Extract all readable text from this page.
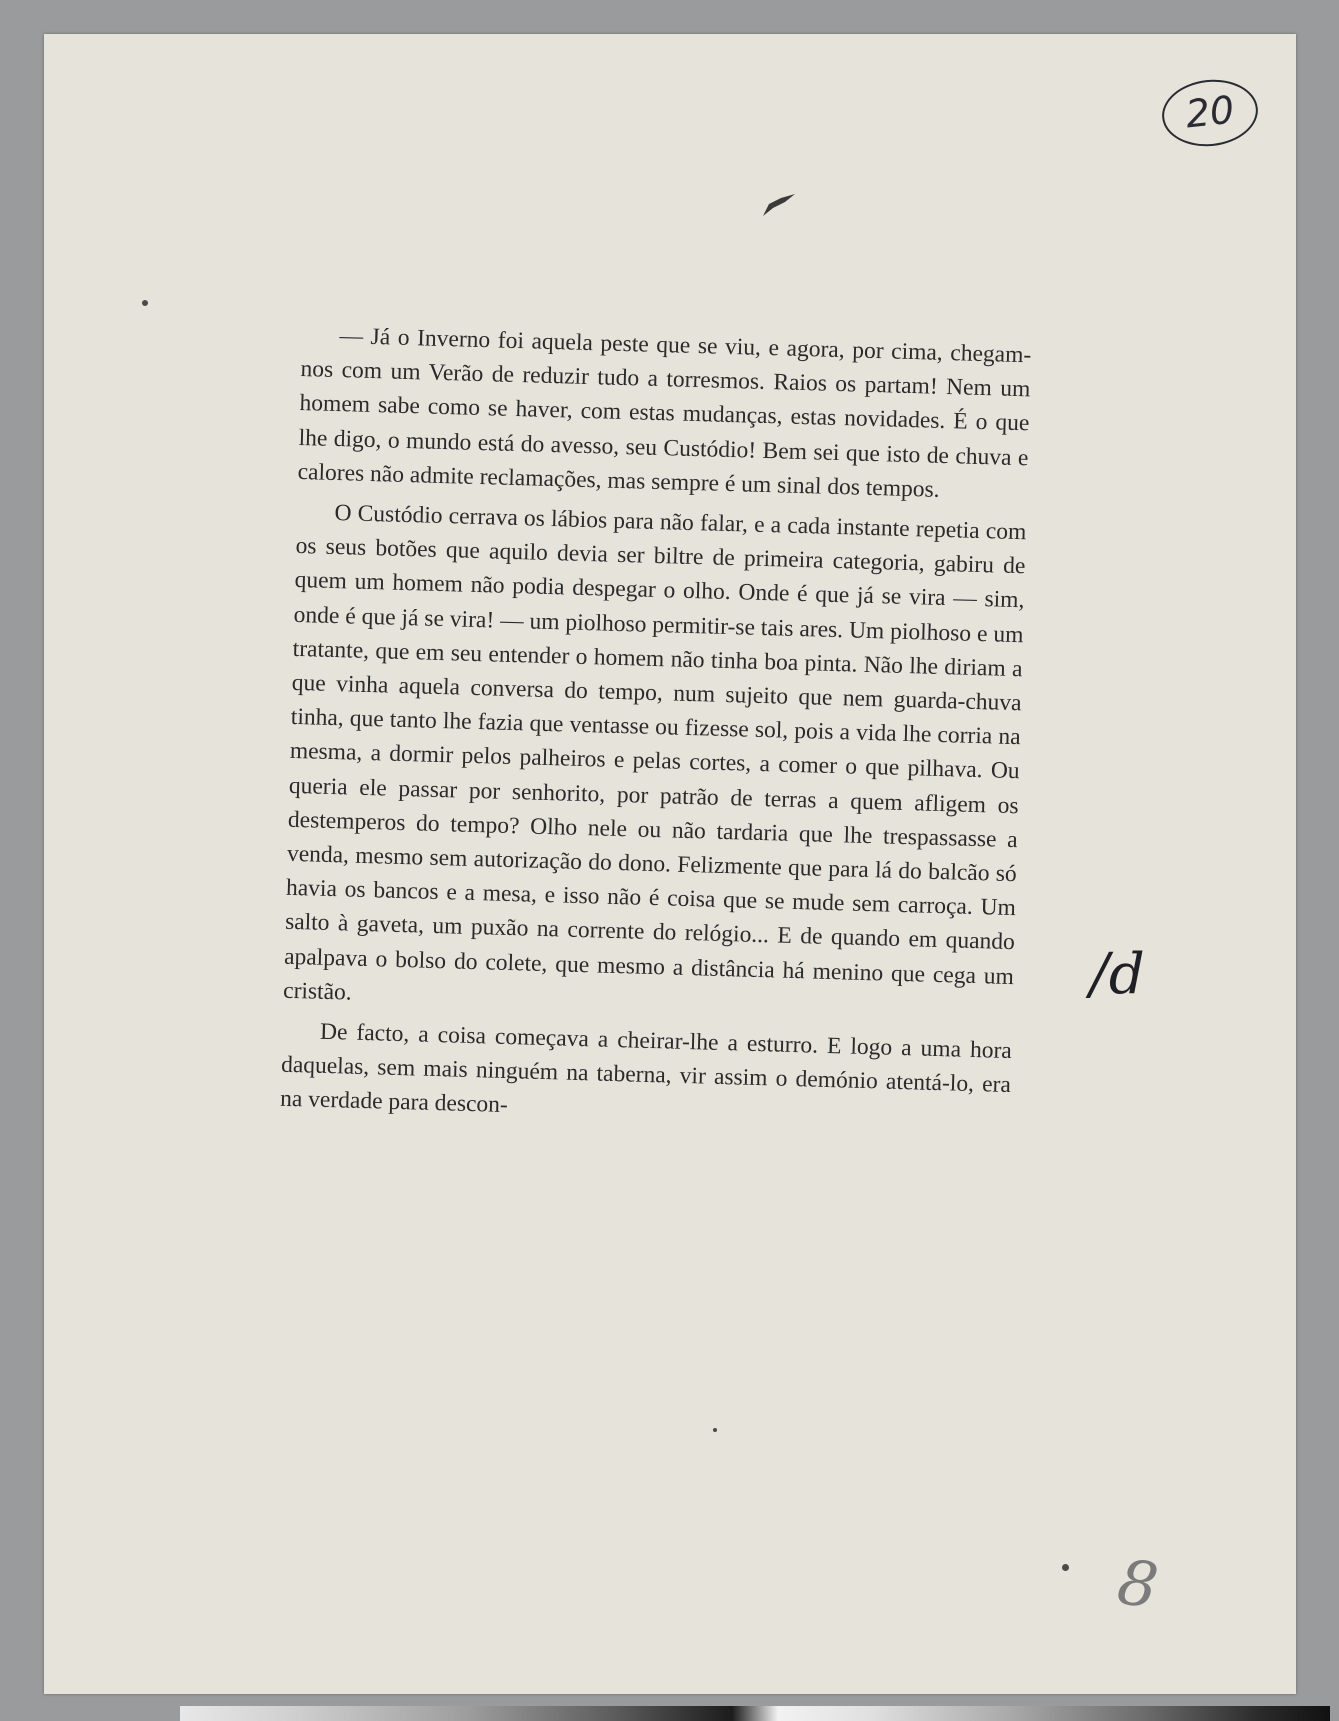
20

— Já o Inverno foi aquela peste que se viu, e agora, por cima, chegam-nos com um Verão de reduzir tudo a torresmos. Raios os partam! Nem um homem sabe como se haver, com estas mudanças, estas novidades. É o que lhe digo, o mundo está do avesso, seu Custódio! Bem sei que isto de chuva e calores não admite reclamações, mas sempre é um sinal dos tempos.

O Custódio cerrava os lábios para não falar, e a cada instante repetia com os seus botões que aquilo devia ser biltre de primeira categoria, gabiru de quem um homem não podia despegar o olho. Onde é que já se vira — sim, onde é que já se vira! — um piolhoso permitir-se tais ares. Um piolhoso e um tratante, que em seu entender o homem não tinha boa pinta. Não lhe diriam a que vinha aquela conversa do tempo, num sujeito que nem guarda-chuva tinha, que tanto lhe fazia que ventasse ou fizesse sol, pois a vida lhe corria na mesma, a dormir pelos palheiros e pelas cortes, a comer o que pilhava. Ou queria ele passar por senhorito, por patrão de terras a quem afligem os destemperos do tempo? Olho nele ou não tardaria que lhe trespassasse a venda, mesmo sem autorização do dono. Felizmente que para lá do balcão só havia os bancos e a mesa, e isso não é coisa que se mude sem carroça. Um salto à gaveta, um puxão na corrente do relógio... E de quando em quando apalpava o bolso do colete, que mesmo a distância há menino que cega um cristão.

De facto, a coisa começava a cheirar-lhe a esturro. E logo a uma hora daquelas, sem mais ninguém na taberna, vir assim o demónio atentá-lo, era na verdade para descon-

/d
8
